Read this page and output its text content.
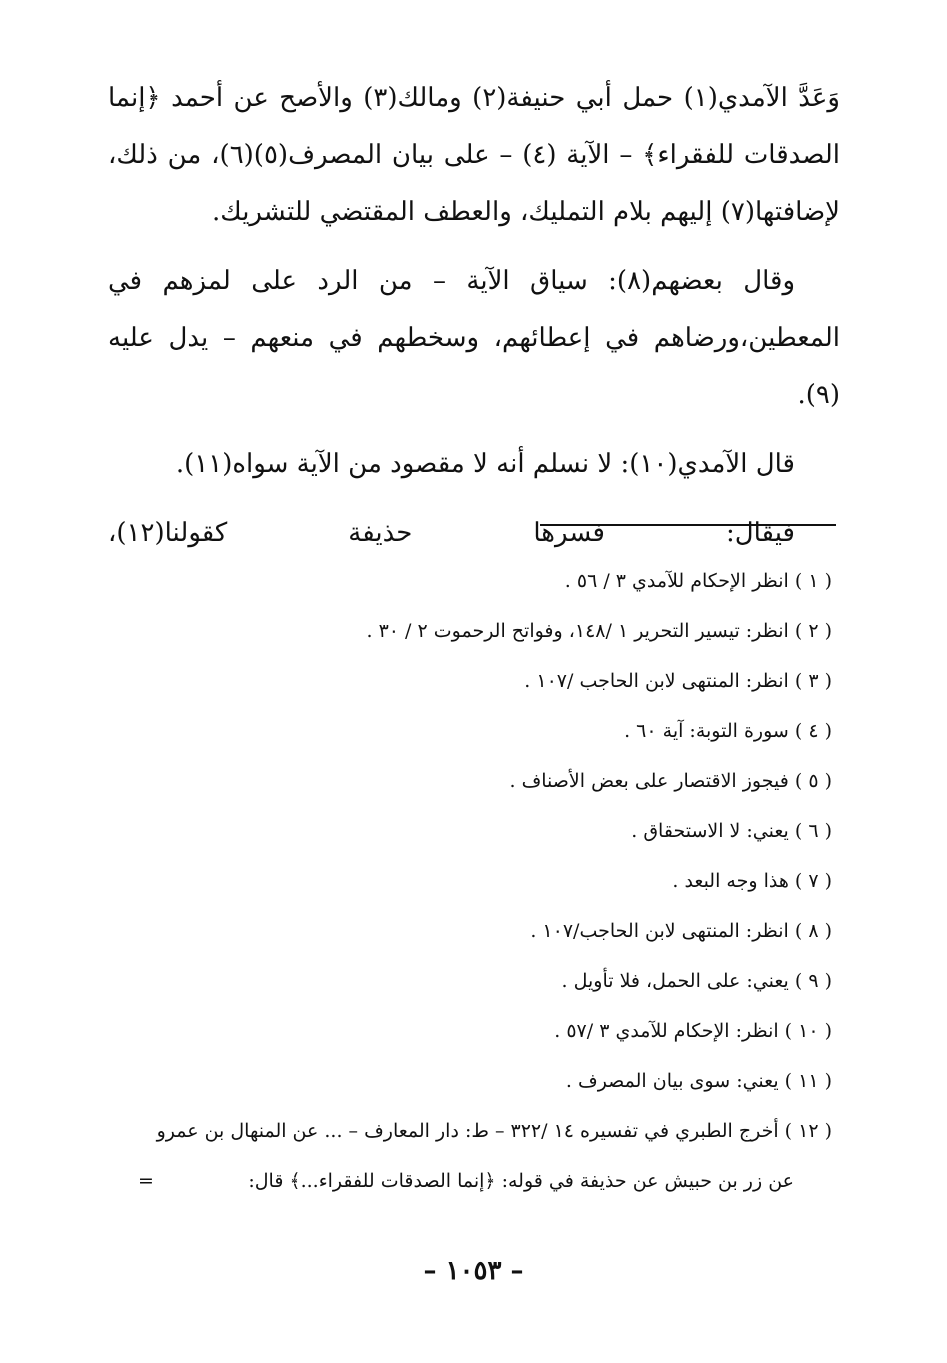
وَعَدَّ الآمدي(١) حمل أبي حنيفة(٢) ومالك(٣) والأصح عن أحمد ﴿إنما الصدقات للفقراء﴾ – الآية (٤) – على بيان المصرف(٥)(٦)، من ذلك، لإضافتها(٧) إليهم بلام التمليك، والعطف المقتضي للتشريك.

وقال بعضهم(٨): سياق الآية – من الرد على لمزهم في المعطين،ورضاهم في إعطائهم، وسخطهم في منعهم – يدل عليه (٩).

قال الآمدي(١٠): لا نسلم أنه لا مقصود من الآية سواه(١١).

فيقال: فسرها حذيفة كقولنا(١٢)،

( ١ ) انظر الإحكام للآمدي ٣ / ٥٦ .
( ٢ ) انظر: تيسير التحرير ١ /١٤٨، وفواتح الرحموت ٢ / ٣٠ .
( ٣ ) انظر: المنتهى لابن الحاجب /١٠٧ .
( ٤ ) سورة التوبة: آية ٦٠ .
( ٥ ) فيجوز الاقتصار على بعض الأصناف .
( ٦ ) يعني: لا الاستحقاق .
( ٧ ) هذا وجه البعد .
( ٨ ) انظر: المنتهى لابن الحاجب/١٠٧ .
( ٩ ) يعني: على الحمل، فلا تأويل .
( ١٠ ) انظر: الإحكام للآمدي ٣ /٥٧ .
( ١١ ) يعني: سوى بيان المصرف .
( ١٢ ) أخرج الطبري في تفسيره ١٤ /٣٢٢ – ط: دار المعارف – ... عن المنهال بن عمرو
عن زر بن حبيش عن حذيفة في قوله: ﴿إنما الصدقات للفقراء...﴾ قال:
=
– ١٠٥٣ –
